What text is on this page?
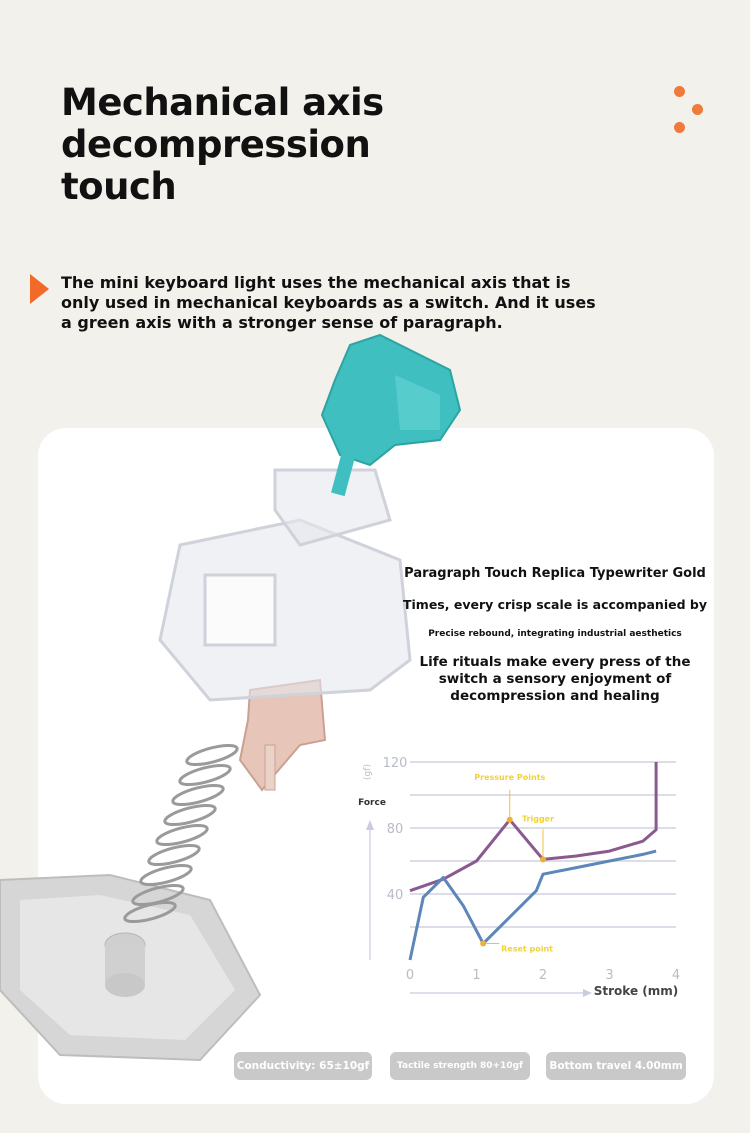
Mechanical axis
decompression
touch

The mini keyboard light uses the mechanical axis that is only used in mechanical keyboards as a switch. And it uses a green axis with a stronger sense of paragraph.

Paragraph Touch Replica Typewriter Gold

Times, every crisp scale is accompanied by

Precise rebound, integrating industrial aesthetics

Life rituals make every press of the switch a sensory enjoyment of decompression and healing

40
80
120
0	1	2	3	4
Force
(gf)
Stroke (mm)
Pressure Points
Trigger
Reset point
Conductivity: 65±10gf	Tactile strength 80+10gf	Bottom travel 4.00mm
